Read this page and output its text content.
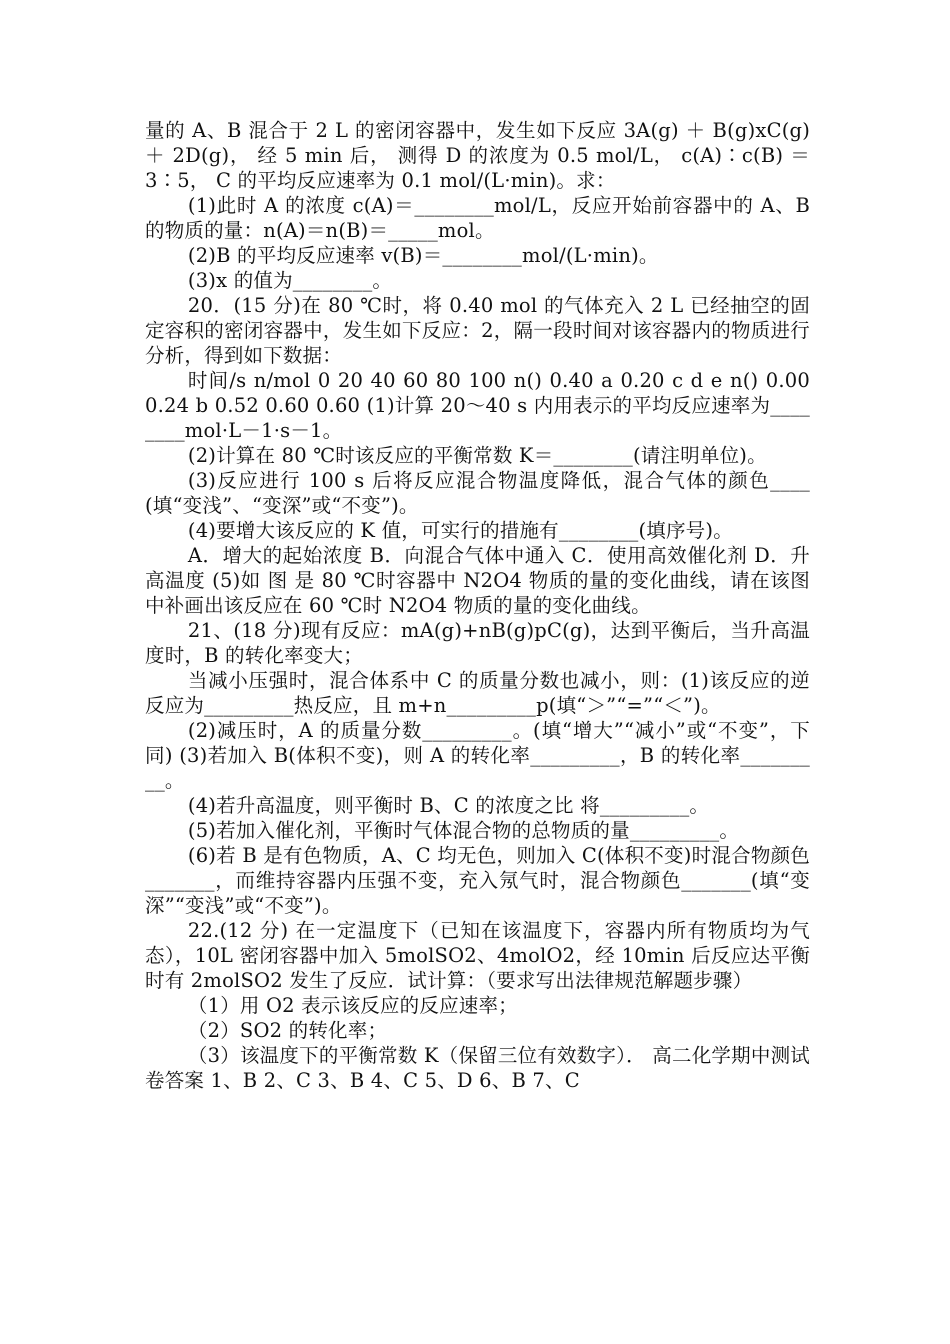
量的 A、B 混合于 2 L 的密闭容器中，发生如下反应 3A(g) ＋ B(g)xC(g) ＋ 2D(g)， 经 5 min 后， 测得 D 的浓度为 0.5 mol/L， c(A)∶c(B) ＝ 3∶5， C 的平均反应速率为 0.1 mol/(L·min)。求：

(1)此时 A 的浓度 c(A)＝________mol/L，反应开始前容器中的 A、B 的物质的量：n(A)＝n(B)＝_____mol。

(2)B 的平均反应速率 v(B)＝________mol/(L·min)。

(3)x 的值为________。

20．(15 分)在 80 ℃时，将 0.40 mol 的气体充入 2 L 已经抽空的固定容积的密闭容器中，发生如下反应：2，隔一段时间对该容器内的物质进行分析，得到如下数据：

时间/s n/mol 0 20 40 60 80 100 n() 0.40 a 0.20 c d e n() 0.00 0.24 b 0.52 0.60 0.60 (1)计算 20～40 s 内用表示的平均反应速率为________mol·L－1·s－1。

(2)计算在 80 ℃时该反应的平衡常数 K＝________(请注明单位)。

(3)反应进行 100 s 后将反应混合物温度降低，混合气体的颜色____(填“变浅”、“变深”或“不变”)。

(4)要增大该反应的 K 值，可实行的措施有________(填序号)。

A．增大的起始浓度 B．向混合气体中通入 C．使用高效催化剂 D．升高温度 (5)如 图 是 80 ℃时容器中 N2O4 物质的量的变化曲线，请在该图中补画出该反应在 60 ℃时 N2O4 物质的量的变化曲线。

21、(18 分)现有反应：mA(g)+nB(g)pC(g)，达到平衡后，当升高温度时，B 的转化率变大；

当减小压强时，混合体系中 C 的质量分数也减小，则：(1)该反应的逆反应为_________热反应，且 m+n_________p(填“＞”“=”“＜”)。

(2)减压时，A 的质量分数_________。(填“增大”“减小”或“不变”，下同) (3)若加入 B(体积不变)，则 A 的转化率_________，B 的转化率_________。

(4)若升高温度，则平衡时 B、C 的浓度之比 将_________。

(5)若加入催化剂，平衡时气体混合物的总物质的量_________。

(6)若 B 是有色物质，A、C 均无色，则加入 C(体积不变)时混合物颜色_______，而维持容器内压强不变，充入氖气时，混合物颜色_______(填“变深”“变浅”或“不变”)。

22.(12 分) 在一定温度下（已知在该温度下，容器内所有物质均为气态），10L 密闭容器中加入 5molSO2、4molO2，经 10min 后反应达平衡时有 2molSO2 发生了反应．试计算：（要求写出法律规范解题步骤）

（1）用 O2 表示该反应的反应速率；

（2）SO2 的转化率；

（3）该温度下的平衡常数 K（保留三位有效数字）． 高二化学期中测试卷答案 1、B 2、C 3、B 4、C 5、D 6、B 7、C
